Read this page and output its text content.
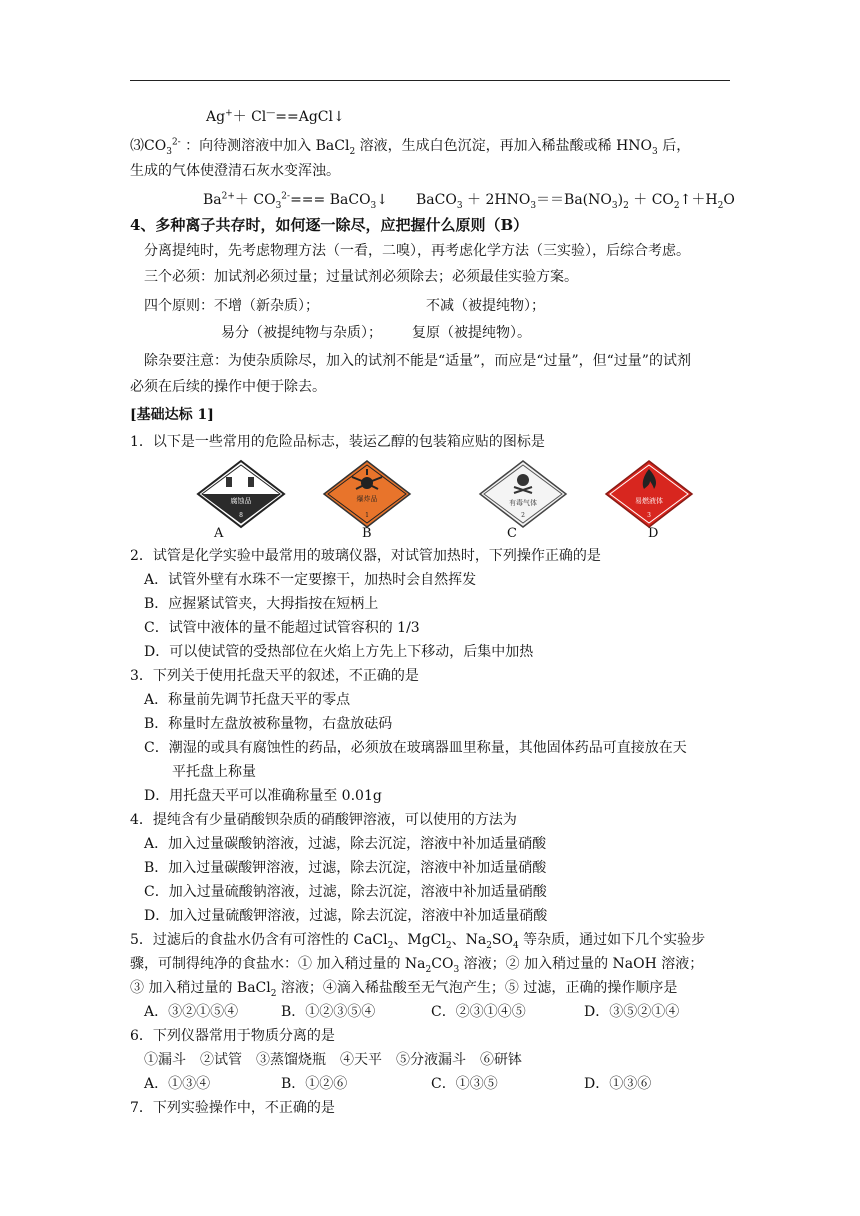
Ag+＋ Cl—==AgCl↓
$⑶CO_3^{2-}$ ：向待测溶液中加入 BaCl$_2$ 溶液，生成白色沉淀，再加入稀盐酸或稀 $HNO_3$ 后，
生成的气体使澄清石灰水变浑浊。
$Ba^{2+}+ CO_3^{2-}===$ BaCO$_3$↓ BaCO$_3$ ＋ $2HNO_3==Ba(NO_3)_2$ ＋ $CO_2↑+H_2O$
4、多种离子共存时，如何逐一除尽，应把握什么原则（B）
分离提纯时，先考虑物理方法（一看，二嗅），再考虑化学方法（三实验），后综合考虑。
三个必须：加试剂必须过量；过量试剂必须除去；必须最佳实验方案。
四个原则：不增（新杂质）；	不减（被提纯物）；
易分（被提纯物与杂质）； 复原（被提纯物）。
除杂要注意：为使杂质除尽，加入的试剂不能是“适量”，而应是“过量”，但“过量”的试剂
必须在后续的操作中便于除去。
[基础达标 1]
1．以下是一些常用的危险品标志，装运乙醇的包装箱应贴的图标是
腐蚀品
8
爆炸品
1
有毒气体
2
易燃液体
3
A	B	C	D
2．试管是化学实验中最常用的玻璃仪器，对试管加热时，下列操作正确的是
A．试管外壁有水珠不一定要擦干，加热时会自然挥发
B．应握紧试管夹，大拇指按在短柄上
C．试管中液体的量不能超过试管容积的 1/3
D．可以使试管的受热部位在火焰上方先上下移动，后集中加热
3．下列关于使用托盘天平的叙述，不正确的是
A．称量前先调节托盘天平的零点
B．称量时左盘放被称量物，右盘放砝码
C．潮湿的或具有腐蚀性的药品，必须放在玻璃器皿里称量，其他固体药品可直接放在天
平托盘上称量
D．用托盘天平可以准确称量至 0.01g
4．提纯含有少量硝酸钡杂质的硝酸钾溶液，可以使用的方法为
A．加入过量碳酸钠溶液，过滤，除去沉淀，溶液中补加适量硝酸
B．加入过量碳酸钾溶液，过滤，除去沉淀，溶液中补加适量硝酸
C．加入过量硫酸钠溶液，过滤，除去沉淀，溶液中补加适量硝酸
D．加入过量硫酸钾溶液，过滤，除去沉淀，溶液中补加适量硝酸
5．过滤后的食盐水仍含有可溶性的 CaCl$_2$、MgCl$_2$、$Na_2SO_4$ 等杂质，通过如下几个实验步
骤，可制得纯净的食盐水：① 加入稍过量的 $Na_2CO_3$ 溶液；② 加入稍过量的 NaOH 溶液；
③ 加入稍过量的 BaCl$_2$ 溶液；④滴入稀盐酸至无气泡产生；⑤ 过滤，正确的操作顺序是
A．③②①⑤④	B．①②③⑤④	C．②③①④⑤	D．③⑤②①④
6．下列仪器常用于物质分离的是
①漏斗　②试管　③蒸馏烧瓶　④天平　⑤分液漏斗　⑥研钵
A．①③④	B．①②⑥	C．①③⑤	D．①③⑥
7．下列实验操作中，不正确的是
